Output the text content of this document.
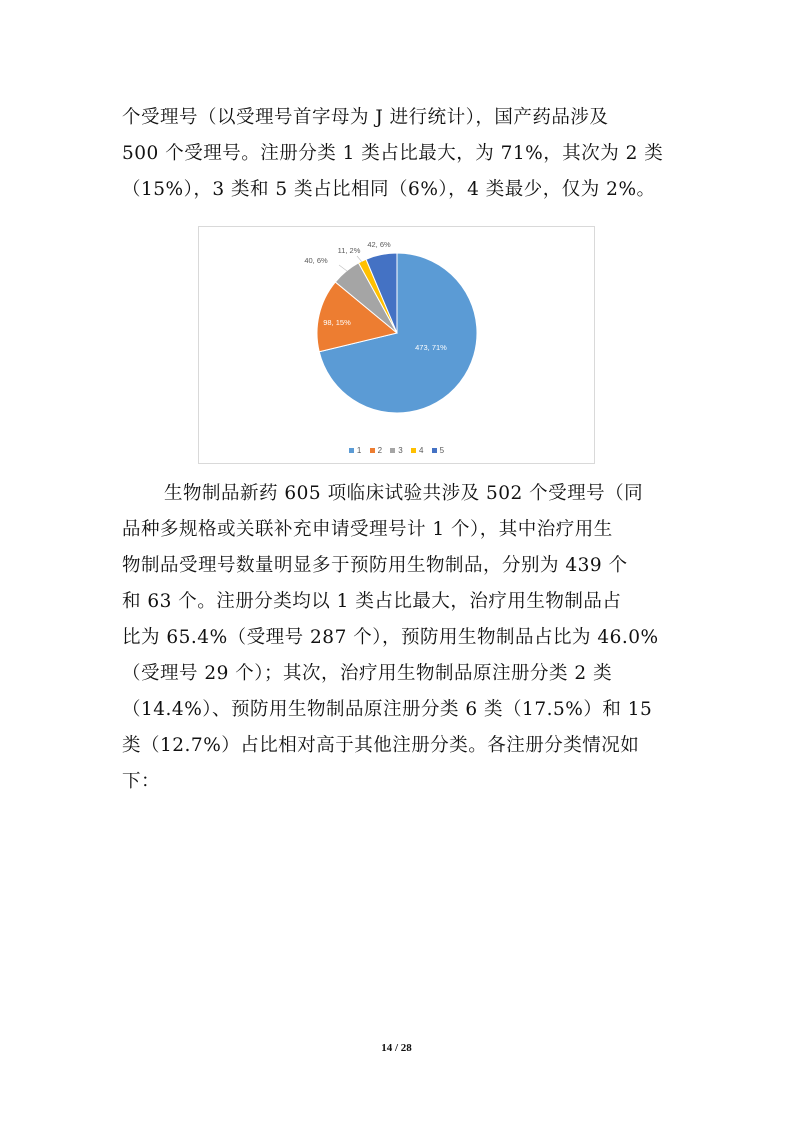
个受理号（以受理号首字母为 J 进行统计），国产药品涉及
500 个受理号。注册分类 1 类占比最大，为 71%，其次为 2 类
（15%），3 类和 5 类占比相同（6%），4 类最少，仅为 2%。
473, 71%
98, 15%
40, 6%
11, 2%
42, 6%
1 2 3 4 5
生物制品新药 605 项临床试验共涉及 502 个受理号（同
品种多规格或关联补充申请受理号计 1 个），其中治疗用生
物制品受理号数量明显多于预防用生物制品，分别为 439 个
和 63 个。注册分类均以 1 类占比最大，治疗用生物制品占
比为 65.4%（受理号 287 个），预防用生物制品占比为 46.0%
（受理号 29 个）；其次，治疗用生物制品原注册分类 2 类
（14.4%）、预防用生物制品原注册分类 6 类（17.5%）和 15
类（12.7%）占比相对高于其他注册分类。各注册分类情况如
下：
14 / 28
